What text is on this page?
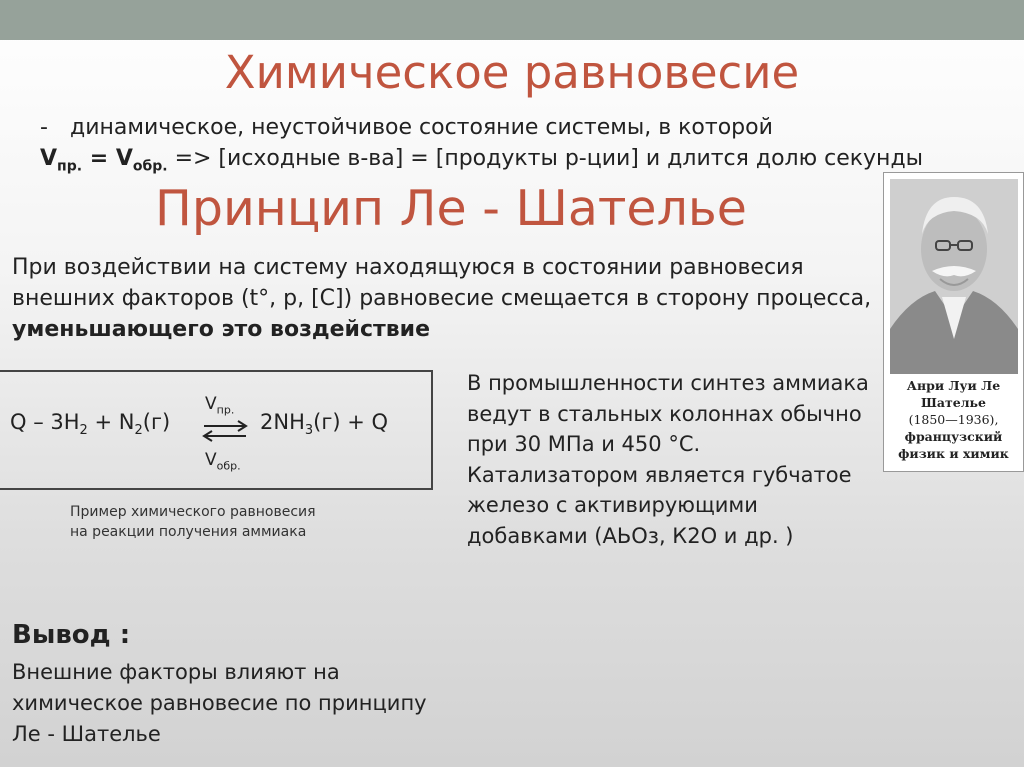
Химическое равновесие
- динамическое, неустойчивое состояние системы, в которой
$V_{пр.} = V_{обр.}$ => [исходные в-ва] = [продукты р-ции] и длится долю секунды
Принцип Ле - Шателье
При воздействии на систему находящуюся в состоянии равновесия внешних факторов (t°, p, [C]) равновесие смещается в сторону процесса, уменьшающего это воздействие
Анри Луи Ле Шателье
(1850—1936),
французский физик и химик
$V_{пр.}$
$Q - 3H_2 + N_2(г)$ ⇌ $2NH_3(г) + Q$
$V_{обр.}$
Пример химического равновесия
на реакции получения аммиака
В промышленности синтез аммиака ведут в стальных колоннах обычно при 30 МПа и 450 °С. Катализатором является губчатое железо с активирующими добавками (АЬОз, К2О и др. )
Вывод :
Внешние факторы влияют на химическое равновесие по принципу Ле - Шателье
